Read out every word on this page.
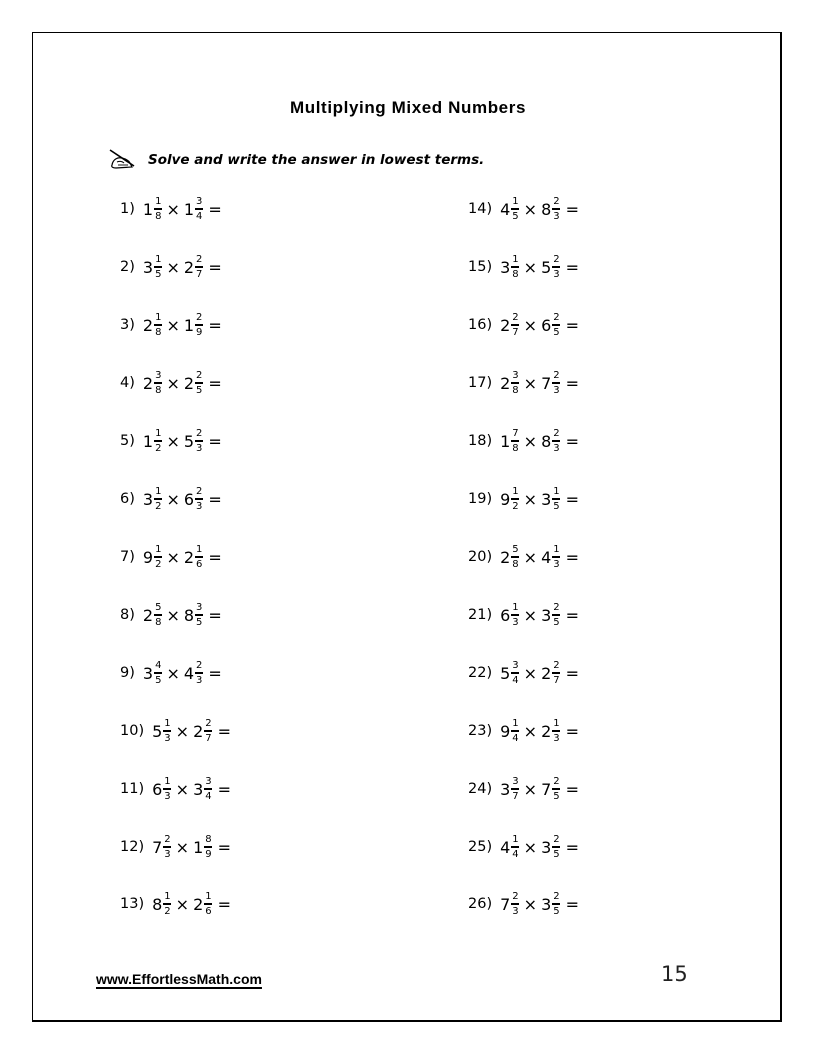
Multiplying Mixed Numbers
Solve and write the answer in lowest terms.
1) $1 \frac{1}{8} \times 1 \frac{3}{4}$ =
2) $3 \frac{1}{5} \times 2 \frac{2}{7}$ =
3) $2 \frac{1}{8} \times 1 \frac{2}{9}$ =
4) $2 \frac{3}{8} \times 2 \frac{2}{5}$ =
5) $1 \frac{1}{2} \times 5 \frac{2}{3}$ =
6) $3 \frac{1}{2} \times 6 \frac{2}{3}$ =
7) $9 \frac{1}{2} \times 2 \frac{1}{6}$ =
8) $2 \frac{5}{8} \times 8 \frac{3}{5}$ =
9) $3 \frac{4}{5} \times 4 \frac{2}{3}$ =
10) $5 \frac{1}{3} \times 2 \frac{2}{7}$ =
11) $6 \frac{1}{3} \times 3 \frac{3}{4}$ =
12) $7 \frac{2}{3} \times 1 \frac{8}{9}$ =
13) $8 \frac{1}{2} \times 2 \frac{1}{6}$ =
14) $4 \frac{1}{5} \times 8 \frac{2}{3}$ =
15) $3 \frac{1}{8} \times 5 \frac{2}{3}$ =
16) $2 \frac{2}{7} \times 6 \frac{2}{5}$ =
17) $2 \frac{3}{8} \times 7 \frac{2}{3}$ =
18) $1 \frac{7}{8} \times 8 \frac{2}{3}$ =
19) $9 \frac{1}{2} \times 3 \frac{1}{5}$ =
20) $2 \frac{5}{8} \times 4 \frac{1}{3}$ =
21) $6 \frac{1}{3} \times 3 \frac{2}{5}$ =
22) $5 \frac{3}{4} \times 2 \frac{2}{7}$ =
23) $9 \frac{1}{4} \times 2 \frac{1}{3}$ =
24) $3 \frac{3}{7} \times 7 \frac{2}{5}$ =
25) $4 \frac{1}{4} \times 3 \frac{2}{5}$ =
26) $7 \frac{2}{3} \times 3 \frac{2}{5}$ =
www.EffortlessMath.com	15
